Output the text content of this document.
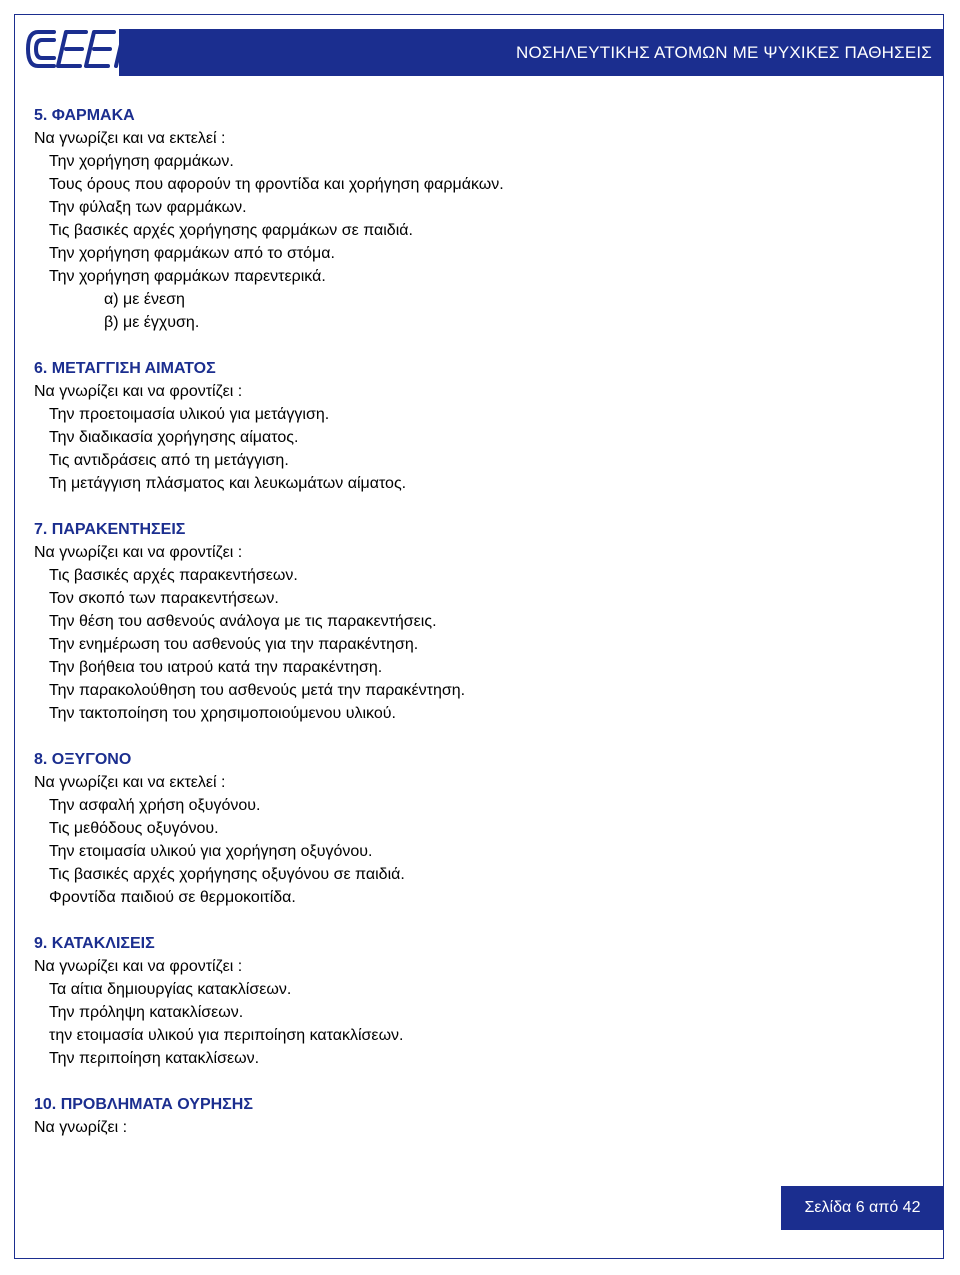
ΝΟΣΗΛΕΥΤΙΚΗΣ ΑΤΟΜΩΝ ΜΕ ΨΥΧΙΚΕΣ ΠΑΘΗΣΕΙΣ
5. ΦΑΡΜΑΚΑ
Να γνωρίζει και να εκτελεί :
Την χορήγηση φαρμάκων.
Τους όρους που αφορούν τη φροντίδα και χορήγηση φαρμάκων.
Την φύλαξη των φαρμάκων.
Τις βασικές αρχές χορήγησης φαρμάκων σε παιδιά.
Την χορήγηση φαρμάκων από το στόμα.
Την χορήγηση φαρμάκων παρεντερικά.
α) με ένεση
β) με έγχυση.
6. ΜΕΤΑΓΓΙΣΗ ΑΙΜΑΤΟΣ
Να γνωρίζει και να φροντίζει :
Την προετοιμασία υλικού για μετάγγιση.
Την διαδικασία χορήγησης αίματος.
Τις αντιδράσεις από τη μετάγγιση.
Τη μετάγγιση πλάσματος και λευκωμάτων αίματος.
7. ΠΑΡΑΚΕΝΤΗΣΕΙΣ
Να γνωρίζει και να φροντίζει :
Τις βασικές αρχές παρακεντήσεων.
Τον σκοπό των παρακεντήσεων.
Την θέση του ασθενούς ανάλογα με τις παρακεντήσεις.
Την ενημέρωση του ασθενούς για την παρακέντηση.
Την βοήθεια του ιατρού κατά την παρακέντηση.
Την παρακολούθηση του ασθενούς μετά την παρακέντηση.
Την τακτοποίηση του χρησιμοποιούμενου υλικού.
8. ΟΞΥΓΟΝΟ
Να γνωρίζει και να εκτελεί :
Την ασφαλή χρήση οξυγόνου.
Τις μεθόδους οξυγόνου.
Την ετοιμασία υλικού για χορήγηση οξυγόνου.
Τις βασικές αρχές χορήγησης οξυγόνου σε παιδιά.
Φροντίδα παιδιού σε θερμοκοιτίδα.
9. ΚΑΤΑΚΛΙΣΕΙΣ
Να γνωρίζει και να φροντίζει :
Τα αίτια δημιουργίας κατακλίσεων.
Την πρόληψη κατακλίσεων.
την ετοιμασία υλικού για περιποίηση κατακλίσεων.
Την περιποίηση κατακλίσεων.
10. ΠΡΟΒΛΗΜΑΤΑ ΟΥΡΗΣΗΣ
Να γνωρίζει :
Σελίδα 6 από 42
